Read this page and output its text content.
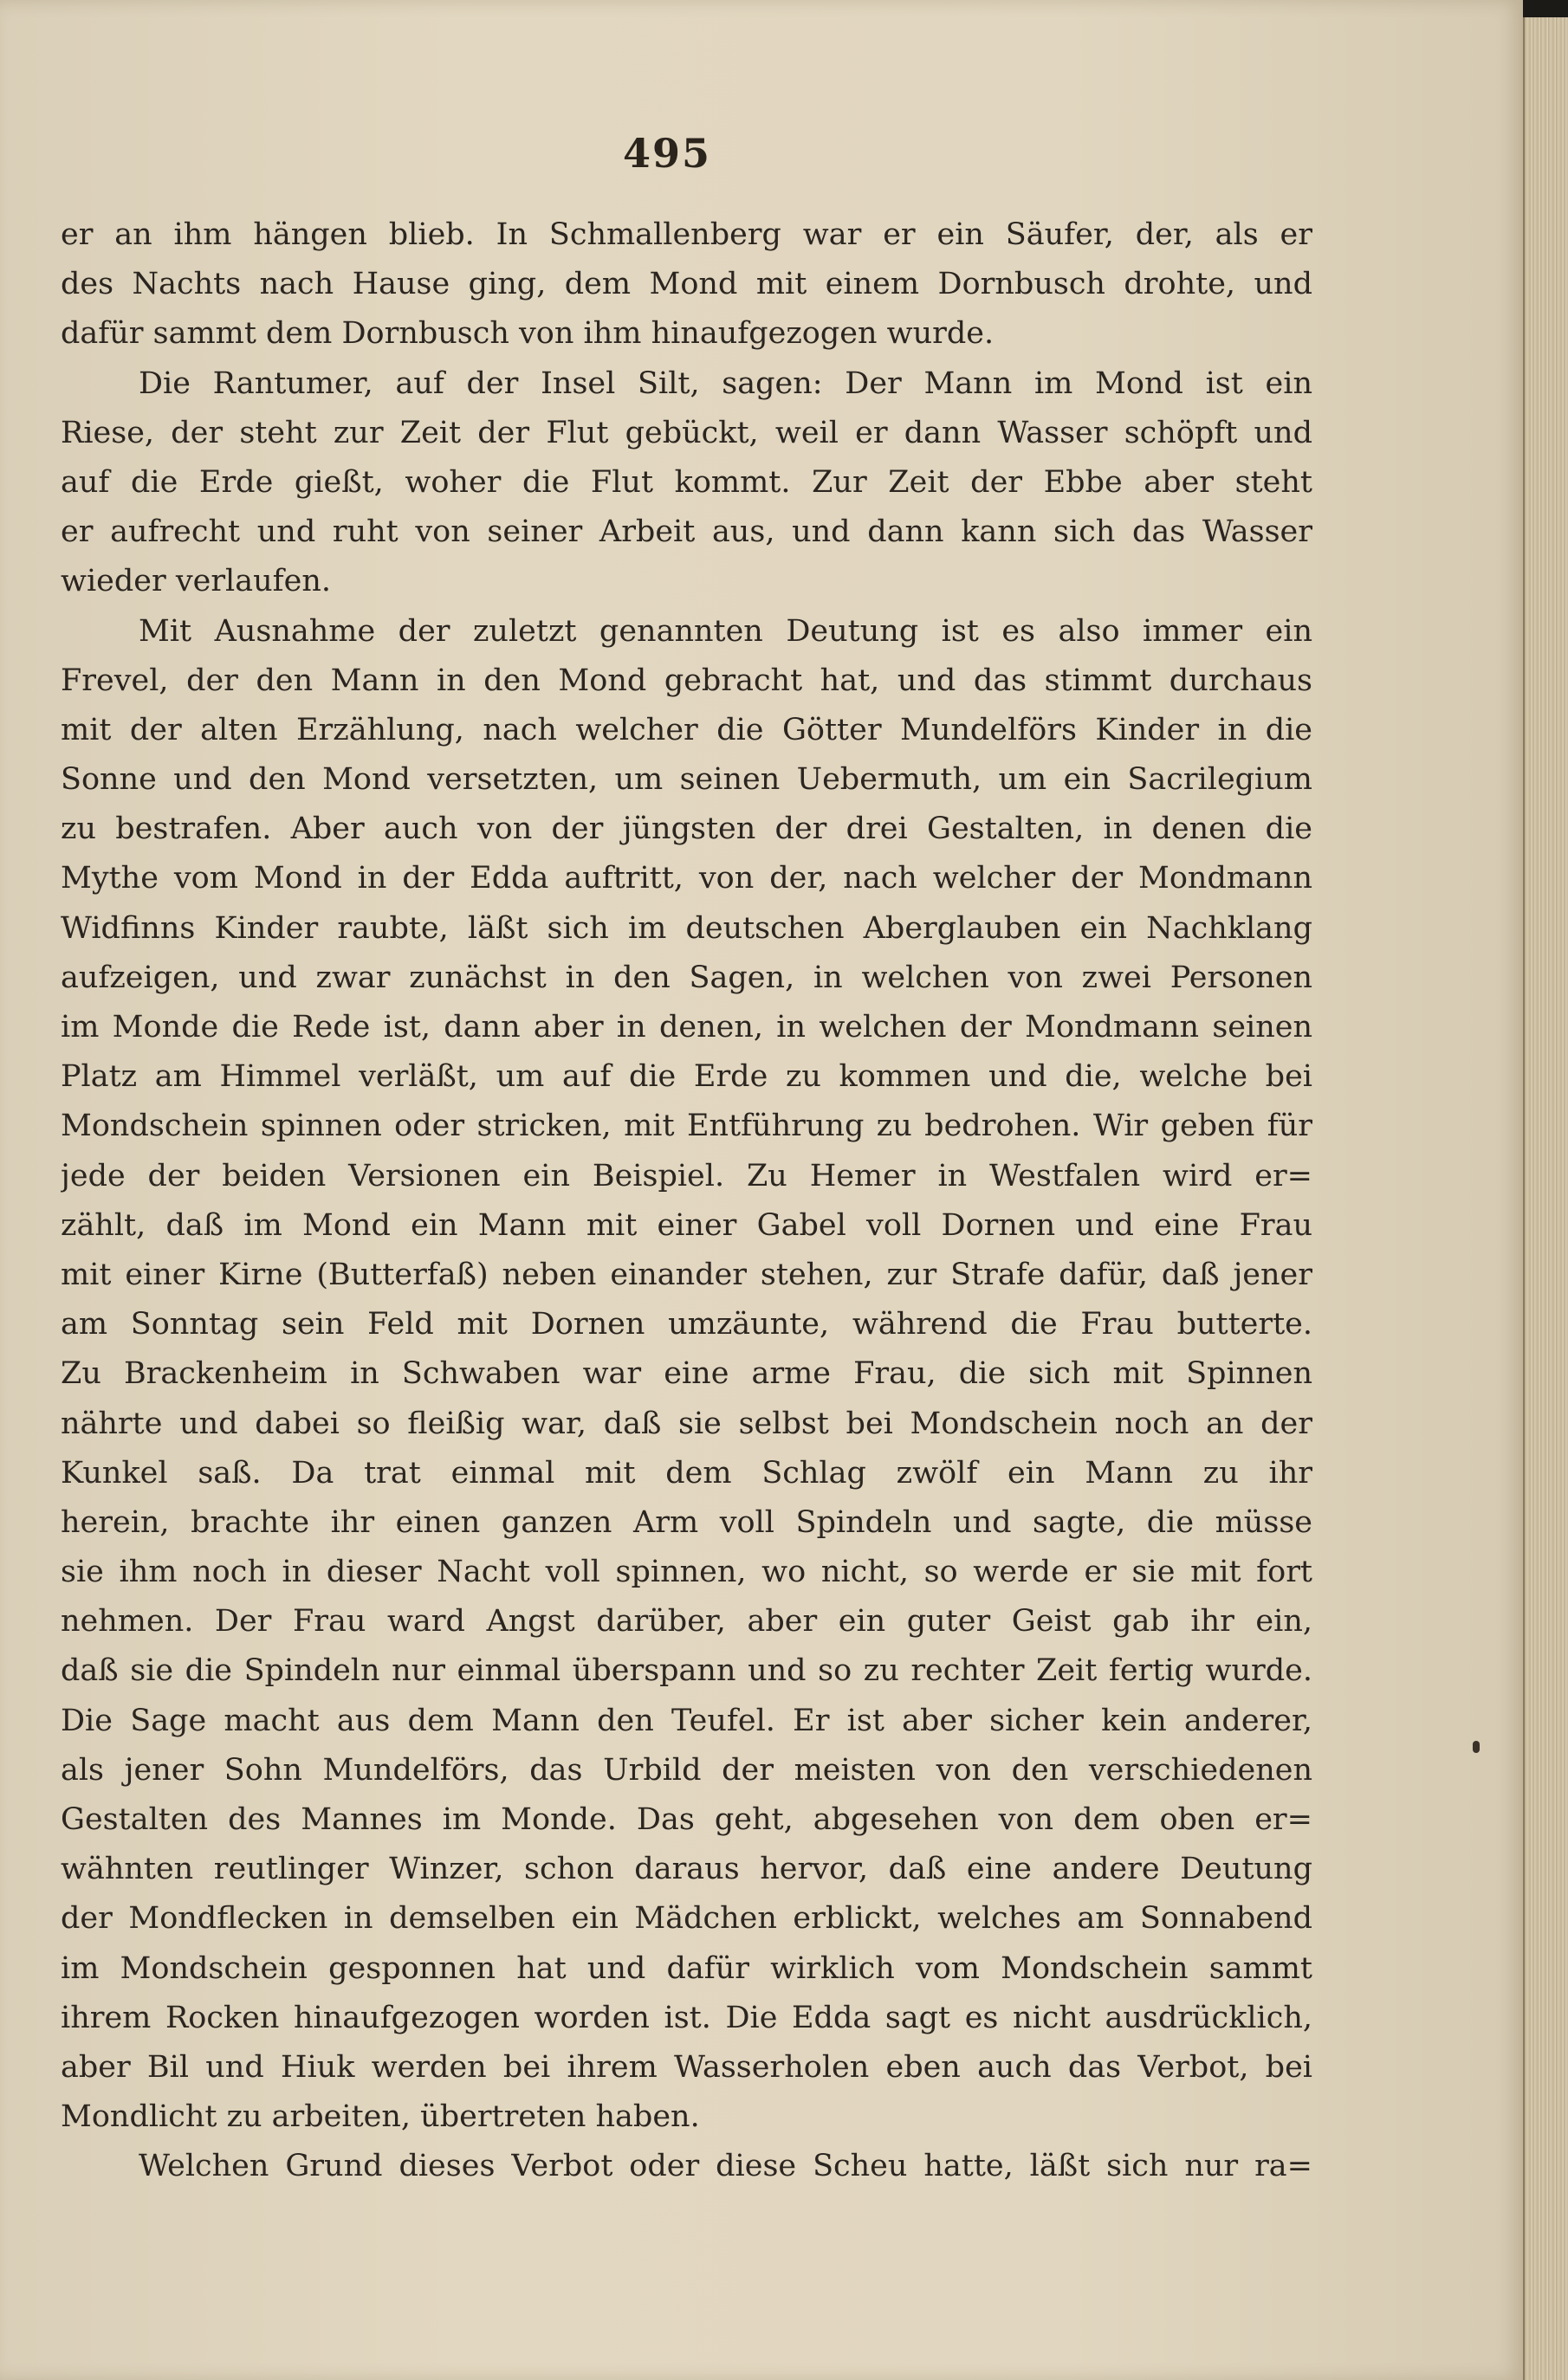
495
er an ihm hängen blieb. In Schmallenberg war er ein Säufer, der, als er
des Nachts nach Hause ging, dem Mond mit einem Dornbusch drohte, und
dafür sammt dem Dornbusch von ihm hinaufgezogen wurde.
Die Rantumer, auf der Insel Silt, sagen: Der Mann im Mond ist ein
Riese, der steht zur Zeit der Flut gebückt, weil er dann Wasser schöpft und
auf die Erde gießt, woher die Flut kommt. Zur Zeit der Ebbe aber steht
er aufrecht und ruht von seiner Arbeit aus, und dann kann sich das Wasser
wieder verlaufen.
Mit Ausnahme der zuletzt genannten Deutung ist es also immer ein
Frevel, der den Mann in den Mond gebracht hat, und das stimmt durchaus
mit der alten Erzählung, nach welcher die Götter Mundelförs Kinder in die
Sonne und den Mond versetzten, um seinen Uebermuth, um ein Sacrilegium
zu bestrafen. Aber auch von der jüngsten der drei Gestalten, in denen die
Mythe vom Mond in der Edda auftritt, von der, nach welcher der Mondmann
Widfinns Kinder raubte, läßt sich im deutschen Aberglauben ein Nachklang
aufzeigen, und zwar zunächst in den Sagen, in welchen von zwei Personen
im Monde die Rede ist, dann aber in denen, in welchen der Mondmann seinen
Platz am Himmel verläßt, um auf die Erde zu kommen und die, welche bei
Mondschein spinnen oder stricken, mit Entführung zu bedrohen. Wir geben für
jede der beiden Versionen ein Beispiel. Zu Hemer in Westfalen wird er=
zählt, daß im Mond ein Mann mit einer Gabel voll Dornen und eine Frau
mit einer Kirne (Butterfaß) neben einander stehen, zur Strafe dafür, daß jener
am Sonntag sein Feld mit Dornen umzäunte, während die Frau butterte.
Zu Brackenheim in Schwaben war eine arme Frau, die sich mit Spinnen
nährte und dabei so fleißig war, daß sie selbst bei Mondschein noch an der
Kunkel saß. Da trat einmal mit dem Schlag zwölf ein Mann zu ihr
herein, brachte ihr einen ganzen Arm voll Spindeln und sagte, die müsse
sie ihm noch in dieser Nacht voll spinnen, wo nicht, so werde er sie mit fort
nehmen. Der Frau ward Angst darüber, aber ein guter Geist gab ihr ein,
daß sie die Spindeln nur einmal überspann und so zu rechter Zeit fertig wurde.
Die Sage macht aus dem Mann den Teufel. Er ist aber sicher kein anderer,
als jener Sohn Mundelförs, das Urbild der meisten von den verschiedenen
Gestalten des Mannes im Monde. Das geht, abgesehen von dem oben er=
wähnten reutlinger Winzer, schon daraus hervor, daß eine andere Deutung
der Mondflecken in demselben ein Mädchen erblickt, welches am Sonnabend
im Mondschein gesponnen hat und dafür wirklich vom Mondschein sammt
ihrem Rocken hinaufgezogen worden ist. Die Edda sagt es nicht ausdrücklich,
aber Bil und Hiuk werden bei ihrem Wasserholen eben auch das Verbot, bei
Mondlicht zu arbeiten, übertreten haben.
Welchen Grund dieses Verbot oder diese Scheu hatte, läßt sich nur ra=
